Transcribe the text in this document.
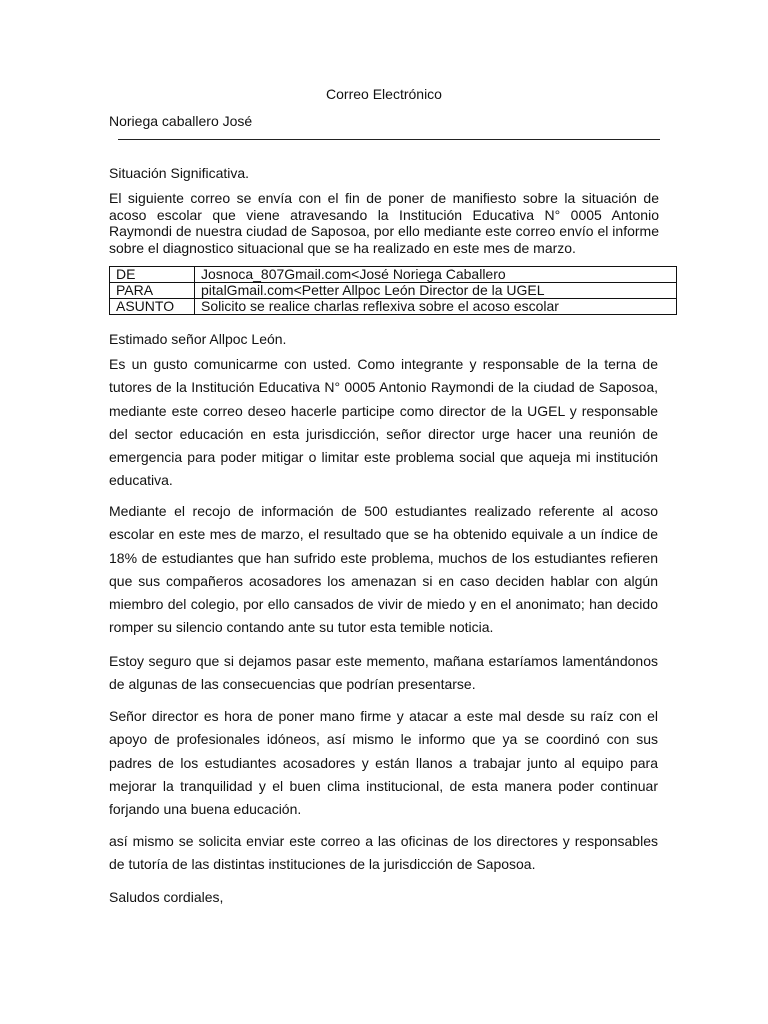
Correo Electrónico
Noriega caballero José

Situación Significativa.

El siguiente correo se envía con el fin de poner de manifiesto sobre la situación de acoso escolar que viene atravesando la Institución Educativa N° 0005 Antonio Raymondi de nuestra ciudad de Saposoa, por ello mediante este correo envío el informe sobre el diagnostico situacional que se ha realizado en este mes de marzo.

DE	Josnoca_807Gmail.com<José Noriega Caballero
PARA	pitalGmail.com<Petter Allpoc León Director de la UGEL
ASUNTO	Solicito se realice charlas reflexiva sobre el acoso escolar

Estimado señor Allpoc León.

Es un gusto comunicarme con usted. Como integrante y responsable de la terna de tutores de la Institución Educativa N° 0005 Antonio Raymondi de la ciudad de Saposoa, mediante este correo deseo hacerle participe como director de la UGEL y responsable del sector educación en esta jurisdicción, señor director urge hacer una reunión de emergencia para poder mitigar o limitar este problema social que aqueja mi institución educativa.

Mediante el recojo de información de 500 estudiantes realizado referente al acoso escolar en este mes de marzo, el resultado que se ha obtenido equivale a un índice de 18% de estudiantes que han sufrido este problema, muchos de los estudiantes refieren que sus compañeros acosadores los amenazan si en caso deciden hablar con algún miembro del colegio, por ello cansados de vivir de miedo y en el anonimato; han decido romper su silencio contando ante su tutor esta temible noticia.

Estoy seguro que si dejamos pasar este memento, mañana estaríamos lamentándonos de algunas de las consecuencias que podrían presentarse.

Señor director es hora de poner mano firme y atacar a este mal desde su raíz con el apoyo de profesionales idóneos, así mismo le informo que ya se coordinó con sus padres de los estudiantes acosadores y están llanos a trabajar junto al equipo para mejorar la tranquilidad y el buen clima institucional, de esta manera poder continuar forjando una buena educación.

así mismo se solicita enviar este correo a las oficinas de los directores y responsables de tutoría de las distintas instituciones de la jurisdicción de Saposoa.

Saludos cordiales,
